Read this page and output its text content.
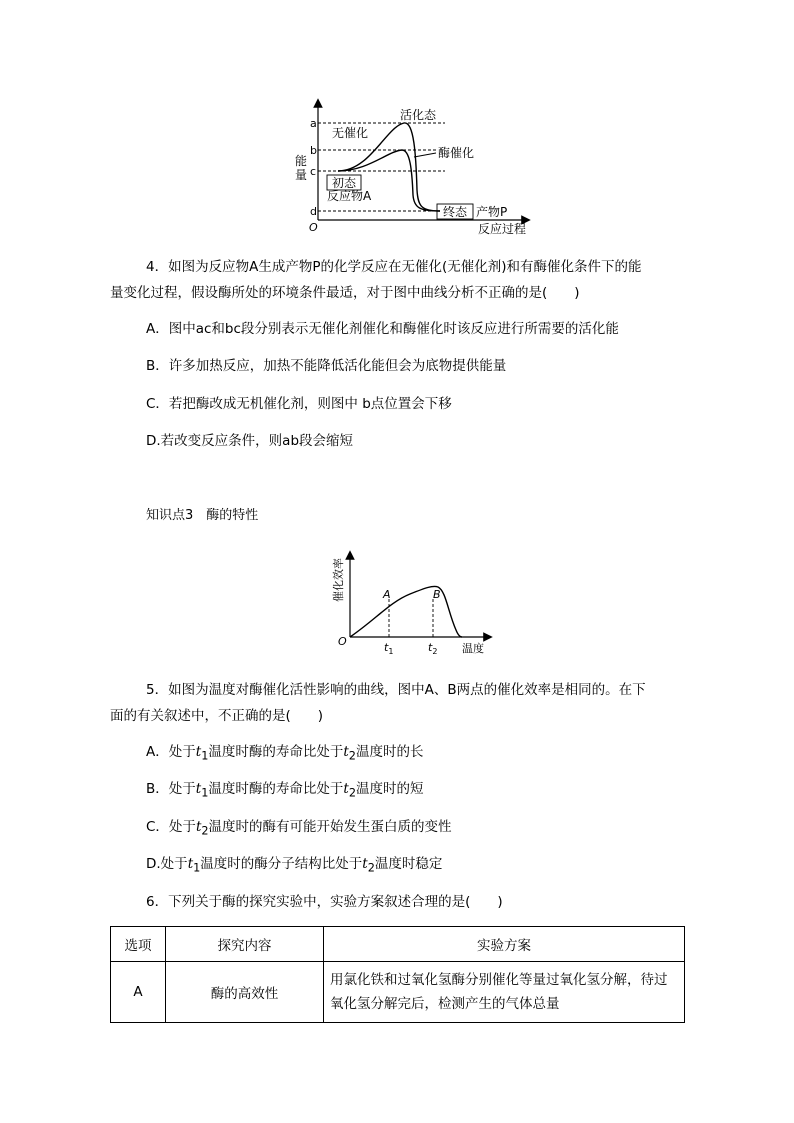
O
能
量
反应过程
a
b
c
d
活化态
无催化
酶催化
初态
反应物A
终态 产物P
4．如图为反应物A生成产物P的化学反应在无催化(无催化剂)和有酶催化条件下的能
量变化过程，假设酶所处的环境条件最适，对于图中曲线分析不正确的是(　　)
A．图中ac和bc段分别表示无催化剂催化和酶催化时该反应进行所需要的活化能
B．许多加热反应，加热不能降低活化能但会为底物提供能量
C．若把酶改成无机催化剂，则图中 b点位置会下移
D.若改变反应条件，则ab段会缩短
知识点3　酶的特性
O
催化效率
温度
A	B
$t_1$	$t_2$
5．如图为温度对酶催化活性影响的曲线，图中A、B两点的催化效率是相同的。在下
面的有关叙述中，不正确的是(　　)
A．处于$t_1$温度时酶的寿命比处于$t_2$温度时的长
B．处于$t_1$温度时酶的寿命比处于$t_2$温度时的短
C．处于$t_2$温度时的酶有可能开始发生蛋白质的变性
D.处于$t_1$温度时的酶分子结构比处于$t_2$温度时稳定
6．下列关于酶的探究实验中，实验方案叙述合理的是(　　)
选项	探究内容	实验方案
A	酶的高效性	用氯化铁和过氧化氢酶分别催化等量过氧化氢分解，待过氧化氢分解完后，检测产生的气体总量
